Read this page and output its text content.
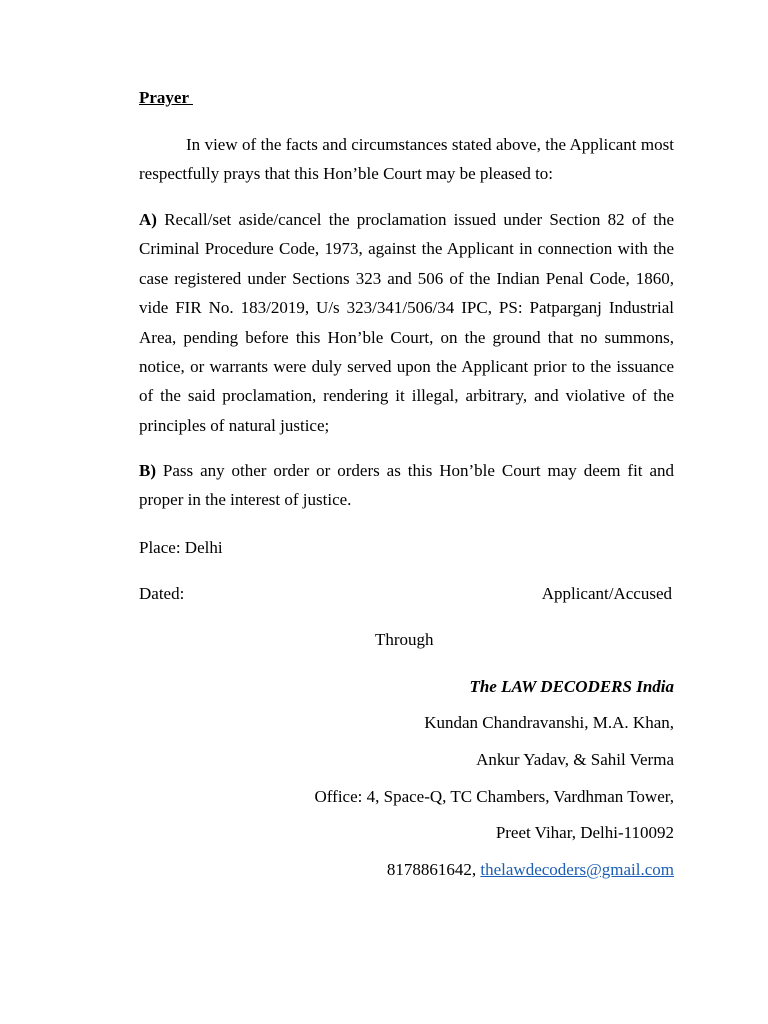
Prayer

In view of the facts and circumstances stated above, the Applicant most respectfully prays that this Hon’ble Court may be pleased to:

A) Recall/set aside/cancel the proclamation issued under Section 82 of the Criminal Procedure Code, 1973, against the Applicant in connection with the case registered under Sections 323 and 506 of the Indian Penal Code, 1860, vide FIR No. 183/2019, U/s 323/341/506/34 IPC, PS: Patparganj Industrial Area, pending before this Hon’ble Court, on the ground that no summons, notice, or warrants were duly served upon the Applicant prior to the issuance of the said proclamation, rendering it illegal, arbitrary, and violative of the principles of natural justice;

B) Pass any other order or orders as this Hon’ble Court may deem fit and proper in the interest of justice.

Place: Delhi
Dated:	Applicant/Accused
Through
The LAW DECODERS India
Kundan Chandravanshi, M.A. Khan,
Ankur Yadav, & Sahil Verma
Office: 4, Space-Q, TC Chambers, Vardhman Tower,
Preet Vihar, Delhi-110092
8178861642, thelawdecoders@gmail.com
